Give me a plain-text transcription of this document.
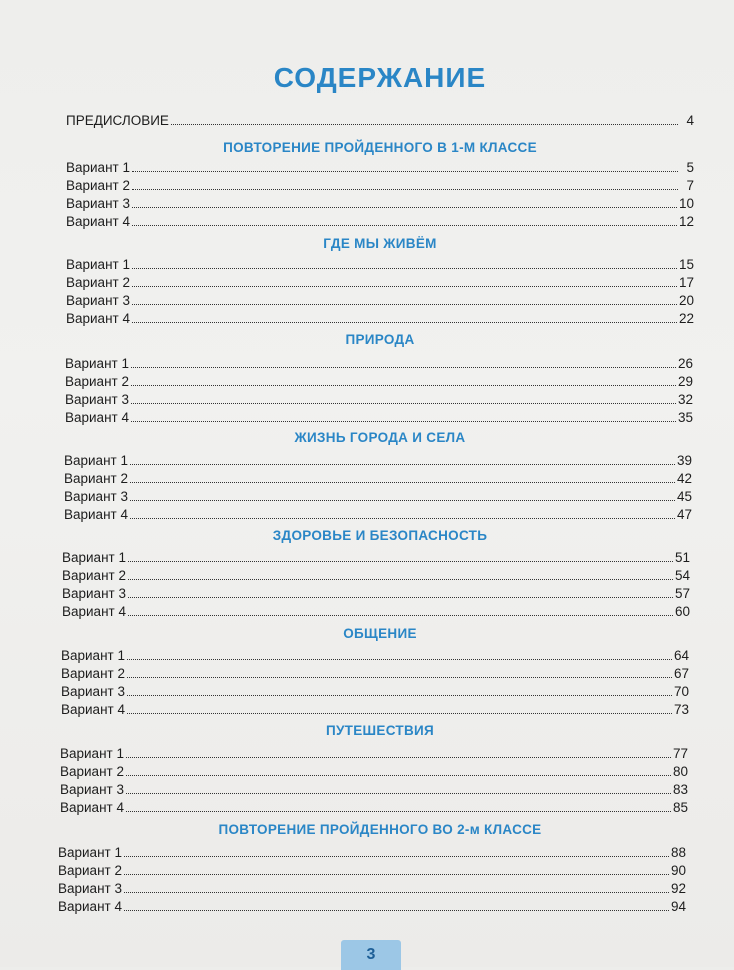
СОДЕРЖАНИЕ
ПРЕДИСЛОВИЕ	4
ПОВТОРЕНИЕ ПРОЙДЕННОГО В 1-М КЛАССЕ
Вариант 1	5
Вариант 2	7
Вариант 3	10
Вариант 4	12
ГДЕ МЫ ЖИВЁМ
Вариант 1	15
Вариант 2	17
Вариант 3	20
Вариант 4	22
ПРИРОДА
Вариант 1	26
Вариант 2	29
Вариант 3	32
Вариант 4	35
ЖИЗНЬ ГОРОДА И СЕЛА
Вариант 1	39
Вариант 2	42
Вариант 3	45
Вариант 4	47
ЗДОРОВЬЕ И БЕЗОПАСНОСТЬ
Вариант 1	51
Вариант 2	54
Вариант 3	57
Вариант 4	60
ОБЩЕНИЕ
Вариант 1	64
Вариант 2	67
Вариант 3	70
Вариант 4	73
ПУТЕШЕСТВИЯ
Вариант 1	77
Вариант 2	80
Вариант 3	83
Вариант 4	85
ПОВТОРЕНИЕ ПРОЙДЕННОГО ВО 2-м КЛАССЕ
Вариант 1	88
Вариант 2	90
Вариант 3	92
Вариант 4	94
3
